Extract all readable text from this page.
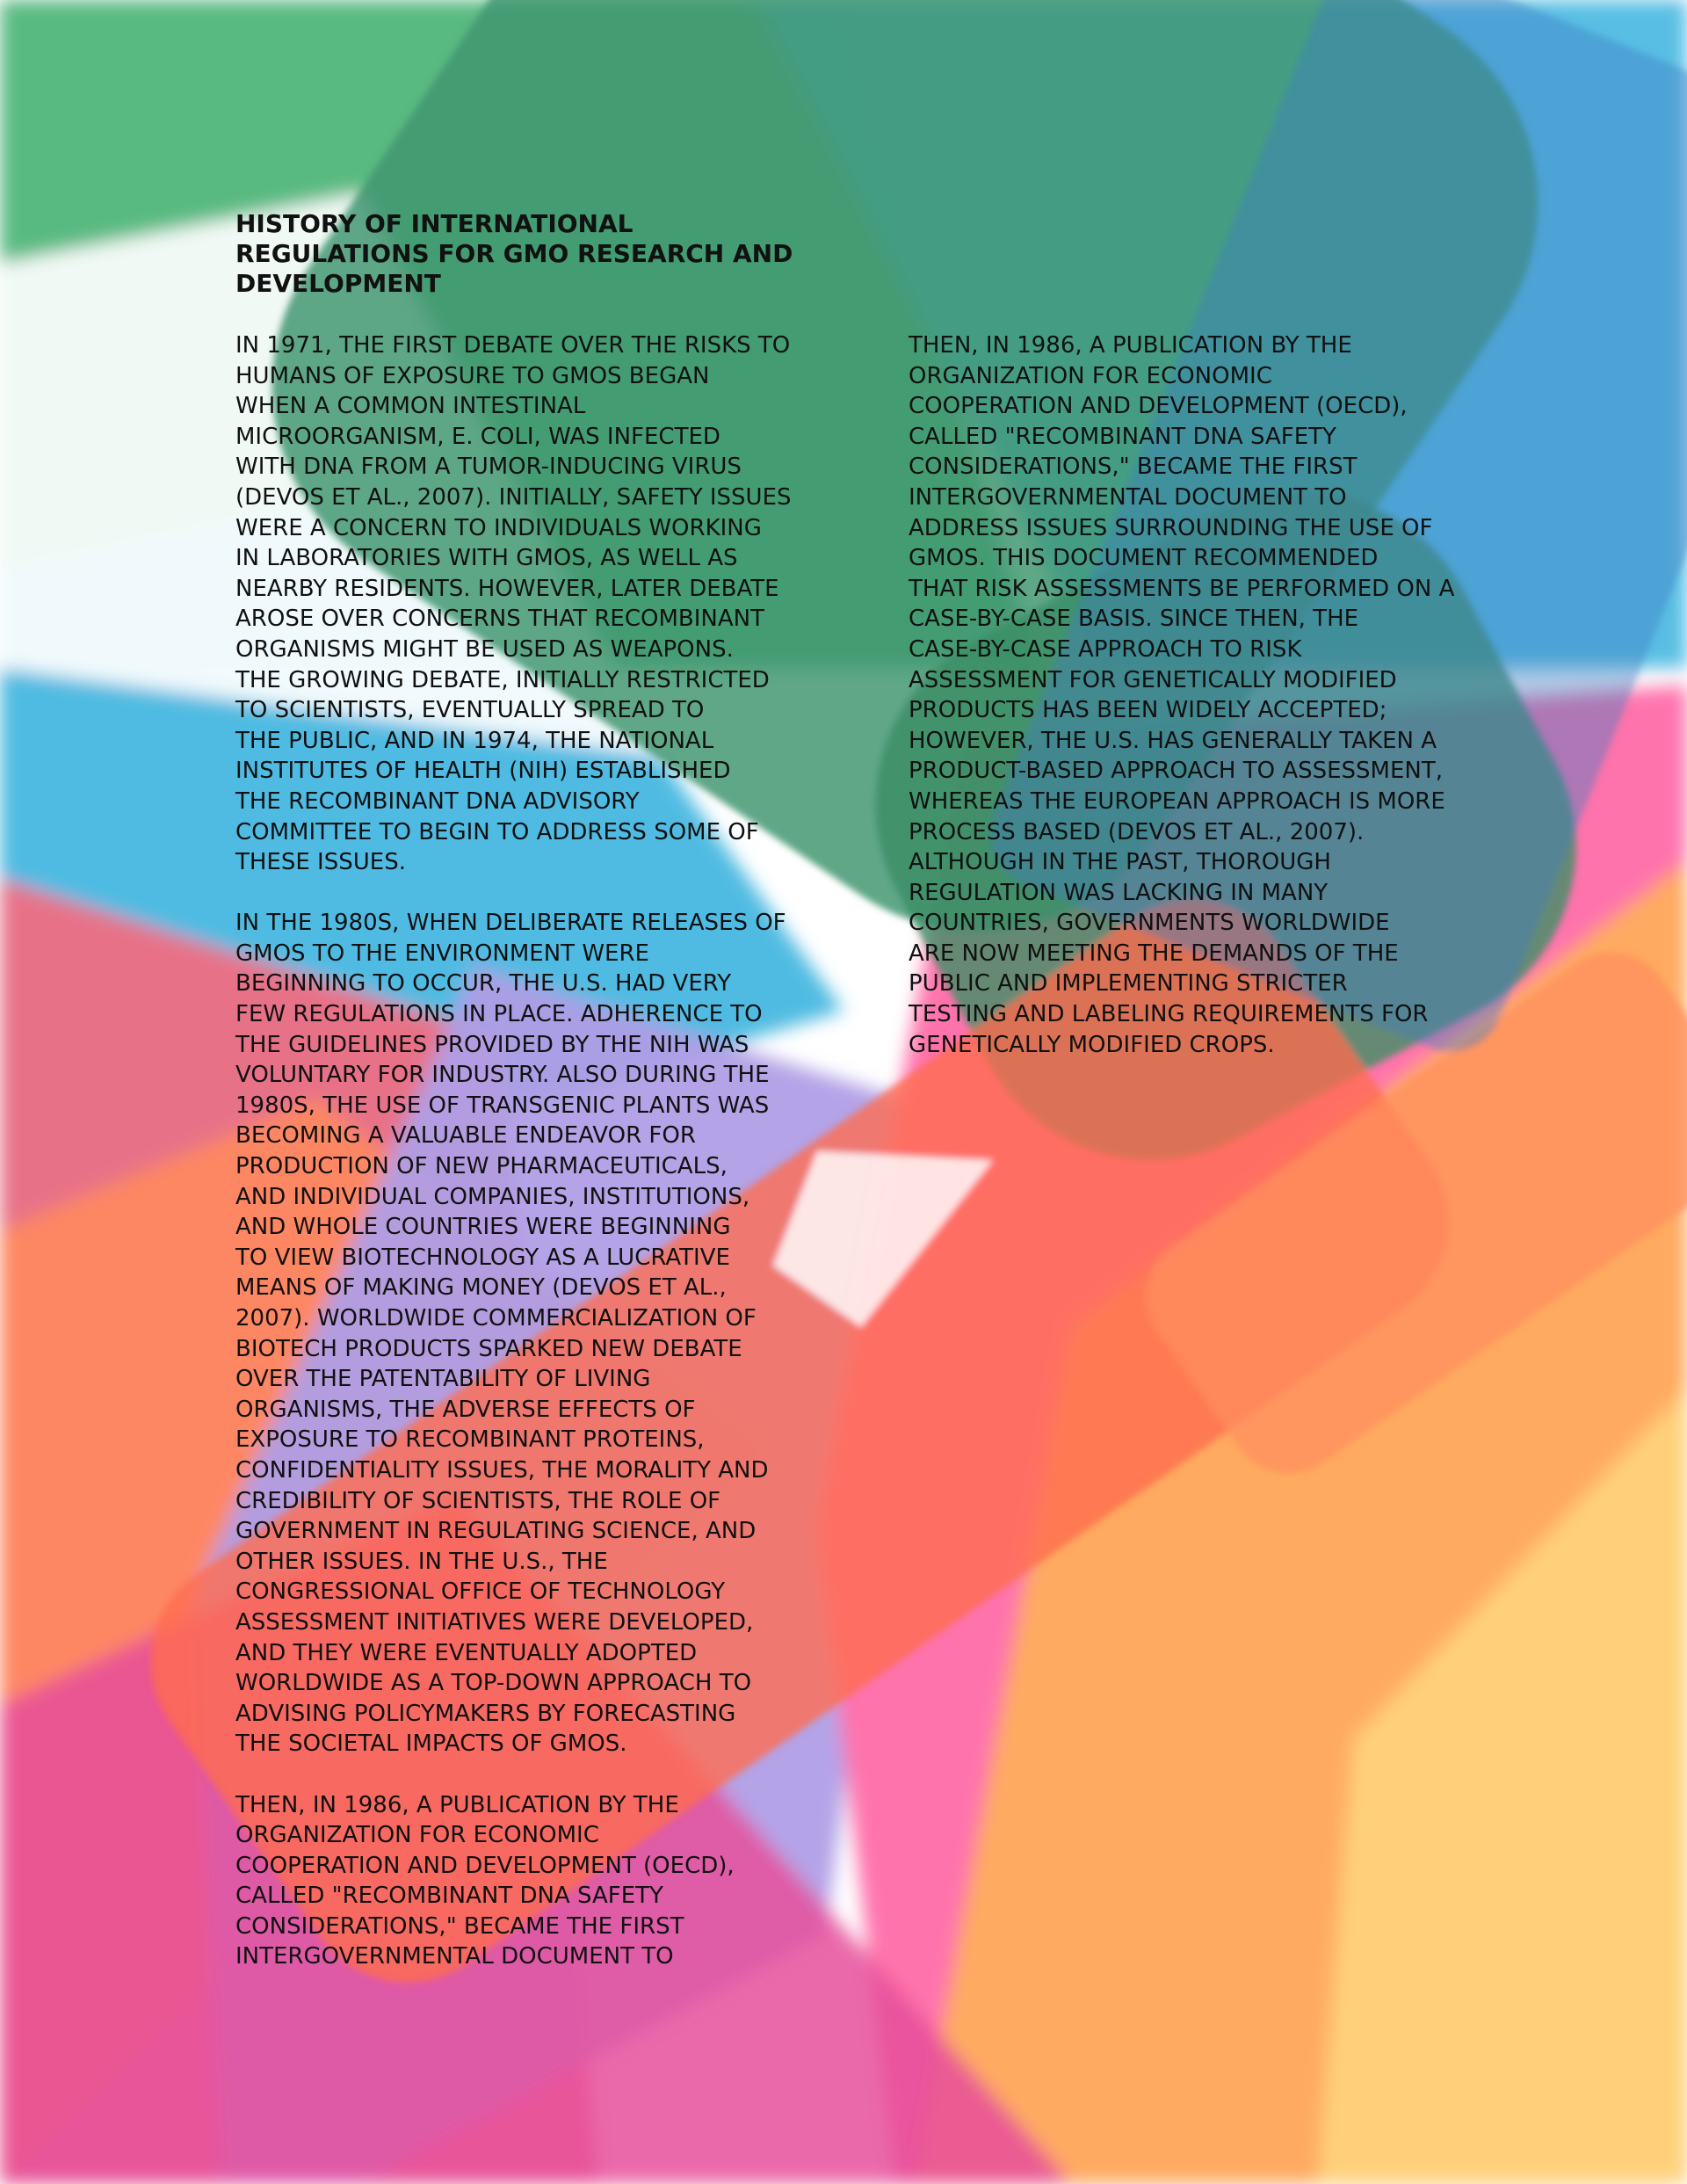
HISTORY OF INTERNATIONAL
REGULATIONS FOR GMO RESEARCH AND
DEVELOPMENT

IN 1971, THE FIRST DEBATE OVER THE RISKS TO
HUMANS OF EXPOSURE TO GMOS BEGAN
WHEN A COMMON INTESTINAL
MICROORGANISM, E. COLI, WAS INFECTED
WITH DNA FROM A TUMOR-INDUCING VIRUS
(DEVOS ET AL., 2007). INITIALLY, SAFETY ISSUES
WERE A CONCERN TO INDIVIDUALS WORKING
IN LABORATORIES WITH GMOS, AS WELL AS
NEARBY RESIDENTS. HOWEVER, LATER DEBATE
AROSE OVER CONCERNS THAT RECOMBINANT
ORGANISMS MIGHT BE USED AS WEAPONS.
THE GROWING DEBATE, INITIALLY RESTRICTED
TO SCIENTISTS, EVENTUALLY SPREAD TO
THE PUBLIC, AND IN 1974, THE NATIONAL
INSTITUTES OF HEALTH (NIH) ESTABLISHED
THE RECOMBINANT DNA ADVISORY
COMMITTEE TO BEGIN TO ADDRESS SOME OF
THESE ISSUES.

IN THE 1980S, WHEN DELIBERATE RELEASES OF
GMOS TO THE ENVIRONMENT WERE
BEGINNING TO OCCUR, THE U.S. HAD VERY
FEW REGULATIONS IN PLACE. ADHERENCE TO
THE GUIDELINES PROVIDED BY THE NIH WAS
VOLUNTARY FOR INDUSTRY. ALSO DURING THE
1980S, THE USE OF TRANSGENIC PLANTS WAS
BECOMING A VALUABLE ENDEAVOR FOR
PRODUCTION OF NEW PHARMACEUTICALS,
AND INDIVIDUAL COMPANIES, INSTITUTIONS,
AND WHOLE COUNTRIES WERE BEGINNING
TO VIEW BIOTECHNOLOGY AS A LUCRATIVE
MEANS OF MAKING MONEY (DEVOS ET AL.,
2007). WORLDWIDE COMMERCIALIZATION OF
BIOTECH PRODUCTS SPARKED NEW DEBATE
OVER THE PATENTABILITY OF LIVING
ORGANISMS, THE ADVERSE EFFECTS OF
EXPOSURE TO RECOMBINANT PROTEINS,
CONFIDENTIALITY ISSUES, THE MORALITY AND
CREDIBILITY OF SCIENTISTS, THE ROLE OF
GOVERNMENT IN REGULATING SCIENCE, AND
OTHER ISSUES. IN THE U.S., THE
CONGRESSIONAL OFFICE OF TECHNOLOGY
ASSESSMENT INITIATIVES WERE DEVELOPED,
AND THEY WERE EVENTUALLY ADOPTED
WORLDWIDE AS A TOP-DOWN APPROACH TO
ADVISING POLICYMAKERS BY FORECASTING
THE SOCIETAL IMPACTS OF GMOS.

THEN, IN 1986, A PUBLICATION BY THE
ORGANIZATION FOR ECONOMIC
COOPERATION AND DEVELOPMENT (OECD),
CALLED "RECOMBINANT DNA SAFETY
CONSIDERATIONS," BECAME THE FIRST
INTERGOVERNMENTAL DOCUMENT TO

THEN, IN 1986, A PUBLICATION BY THE
ORGANIZATION FOR ECONOMIC
COOPERATION AND DEVELOPMENT (OECD),
CALLED "RECOMBINANT DNA SAFETY
CONSIDERATIONS," BECAME THE FIRST
INTERGOVERNMENTAL DOCUMENT TO
ADDRESS ISSUES SURROUNDING THE USE OF
GMOS. THIS DOCUMENT RECOMMENDED
THAT RISK ASSESSMENTS BE PERFORMED ON A
CASE-BY-CASE BASIS. SINCE THEN, THE
CASE-BY-CASE APPROACH TO RISK
ASSESSMENT FOR GENETICALLY MODIFIED
PRODUCTS HAS BEEN WIDELY ACCEPTED;
HOWEVER, THE U.S. HAS GENERALLY TAKEN A
PRODUCT-BASED APPROACH TO ASSESSMENT,
WHEREAS THE EUROPEAN APPROACH IS MORE
PROCESS BASED (DEVOS ET AL., 2007).
ALTHOUGH IN THE PAST, THOROUGH
REGULATION WAS LACKING IN MANY
COUNTRIES, GOVERNMENTS WORLDWIDE
ARE NOW MEETING THE DEMANDS OF THE
PUBLIC AND IMPLEMENTING STRICTER
TESTING AND LABELING REQUIREMENTS FOR
GENETICALLY MODIFIED CROPS.
